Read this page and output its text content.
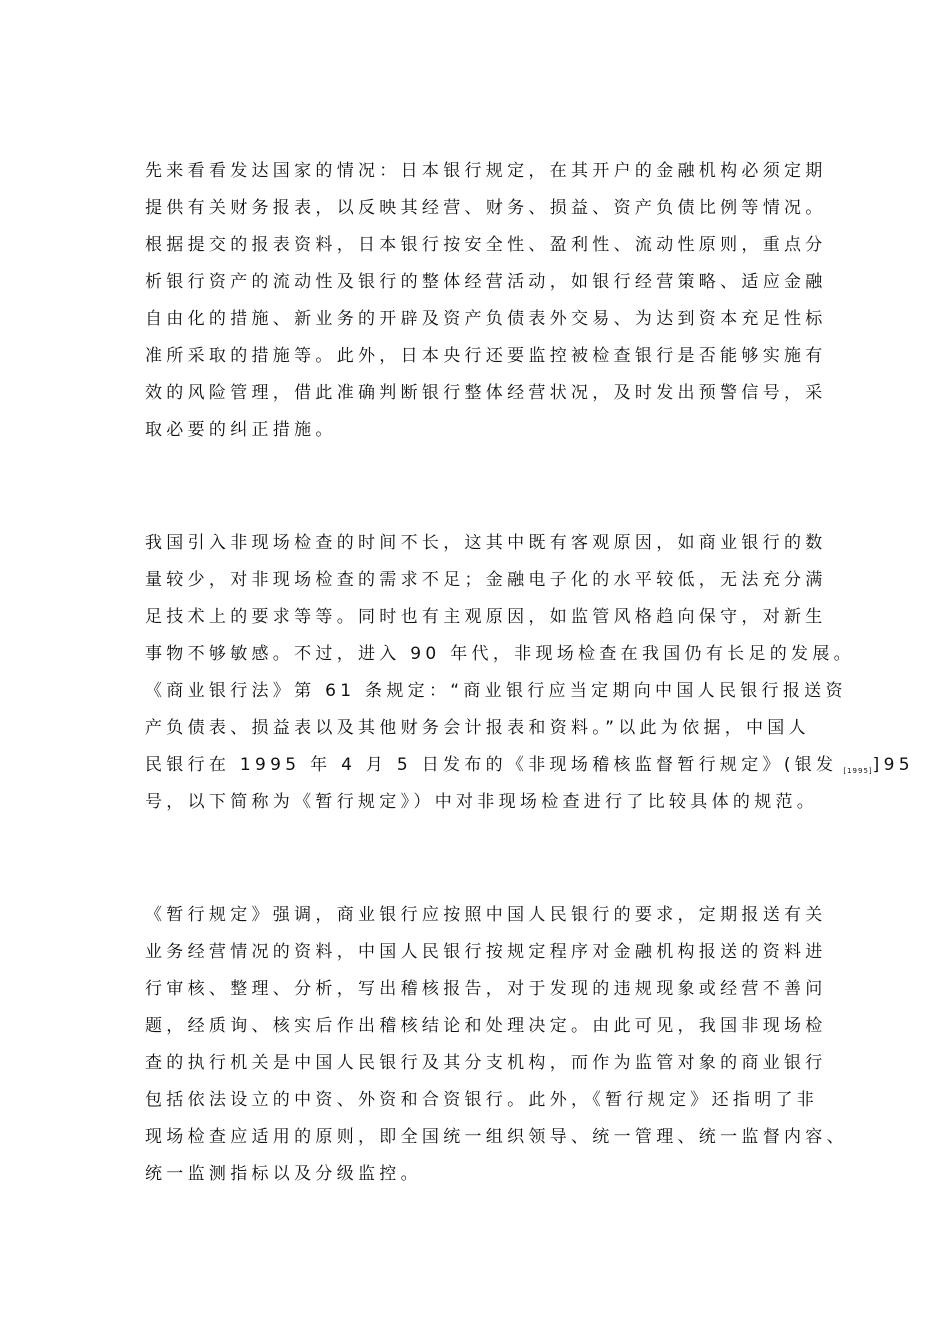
先来看看发达国家的情况：日本银行规定，在其开户的金融机构必须定期
提供有关财务报表，以反映其经营、财务、损益、资产负债比例等情况。
根据提交的报表资料，日本银行按安全性、盈利性、流动性原则，重点分
析银行资产的流动性及银行的整体经营活动，如银行经营策略、适应金融
自由化的措施、新业务的开辟及资产负债表外交易、为达到资本充足性标
准所采取的措施等。此外，日本央行还要监控被检查银行是否能够实施有
效的风险管理，借此准确判断银行整体经营状况，及时发出预警信号，采
取必要的纠正措施。
我国引入非现场检查的时间不长，这其中既有客观原因，如商业银行的数
量较少，对非现场检查的需求不足；金融电子化的水平较低，无法充分满
足技术上的要求等等。同时也有主观原因，如监管风格趋向保守，对新生
事物不够敏感。不过，进入 90 年代，非现场检查在我国仍有长足的发展。
《商业银行法》第 61 条规定：“商业银行应当定期向中国人民银行报送资
产负债表、损益表以及其他财务会计报表和资料。”以此为依据，中国人
民银行在 1995 年 4 月 5 日发布的《非现场稽核监督暂行规定》(银发 [1995]]95
号，以下简称为《暂行规定》）中对非现场检查进行了比较具体的规范。
《暂行规定》强调，商业银行应按照中国人民银行的要求，定期报送有关
业务经营情况的资料，中国人民银行按规定程序对金融机构报送的资料进
行审核、整理、分析，写出稽核报告，对于发现的违规现象或经营不善问
题，经质询、核实后作出稽核结论和处理决定。由此可见，我国非现场检
查的执行机关是中国人民银行及其分支机构，而作为监管对象的商业银行
包括依法设立的中资、外资和合资银行。此外，《暂行规定》还指明了非
现场检查应适用的原则，即全国统一组织领导、统一管理、统一监督内容、
统一监测指标以及分级监控。
